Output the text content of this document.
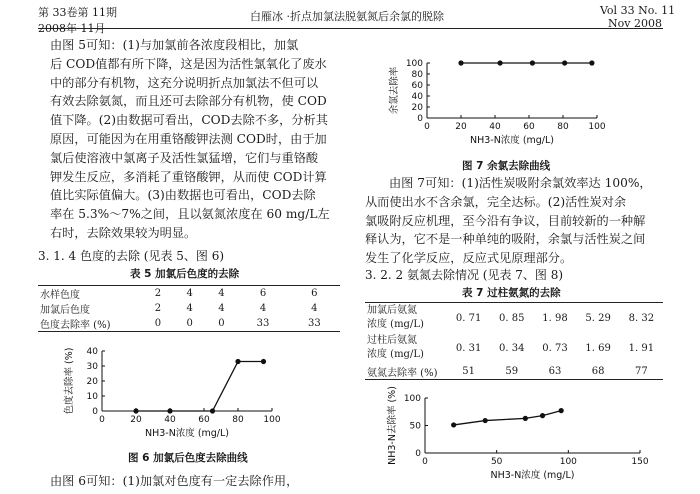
第 33卷第 11期
2008年 11月
白雁冰 ·折点加氯法脱氨氮后余氯的脱除	Vol 33 No. 11
Nov 2008
由图 5可知：(1)与加氯前各浓度段相比，加氯
后 COD值都有所下降，这是因为活性氯氧化了废水
中的部分有机物，这充分说明折点加氯法不但可以
有效去除氨氮，而且还可去除部分有机物，使 COD
值下降。(2)由数据可看出，COD去除不多，分析其
原因，可能因为在用重铬酸钾法测 COD时，由于加
氯后使溶液中氯离子及活性氯猛增，它们与重铬酸
钾发生反应，多消耗了重铬酸钾，从而使 COD计算
值比实际值偏大。(3)由数据也可看出，COD去除
率在 5.3%～7%之间，且以氨氮浓度在 60 mg/L左
右时，去除效果较为明显。
3. 1. 4 色度的去除 (见表 5、图 6)
表 5 加氯后色度的去除
水样色度	2	4	4	6	6
加氯后色度	2	4	4	4	4
色度去除率 (%)	0	0	0	33	33
0	20	40	60	80 100
0
10
20
30
40
NH3-N浓度 (mg/L)
色度去除率 (%)
图 6 加氯后色度去除曲线
由图 6可知：(1)加氯对色度有一定去除作用，
0	20	40	60	80 100
0
20
40
60
80
100
NH3-N浓度 (mg/L)
余氯去除率
图 7 余氯去除曲线
由图 7可知：(1)活性炭吸附余氯效率达 100%，
从而使出水不含余氯，完全达标。(2)活性炭对余
氯吸附反应机理，至今沿有争议，目前较新的一种解
释认为，它不是一种单纯的吸附，余氯与活性炭之间
发生了化学反应，反应式见原理部分。
3. 2. 2 氨氮去除情况 (见表 7、图 8)
表 7 过柱氨氮的去除
加氯后氨氮
浓度 (mg/L)	0. 71	0. 85	1. 98	5. 29	8. 32
过柱后氨氮
浓度 (mg/L)	0. 31	0. 34	0. 73	1. 69	1. 91
氨氮去除率 (%)	51	59	63	68	77
0	50	100	150
0
50
100
NH3-N浓度 (mg/L)
NH3-N去除率 (%)
